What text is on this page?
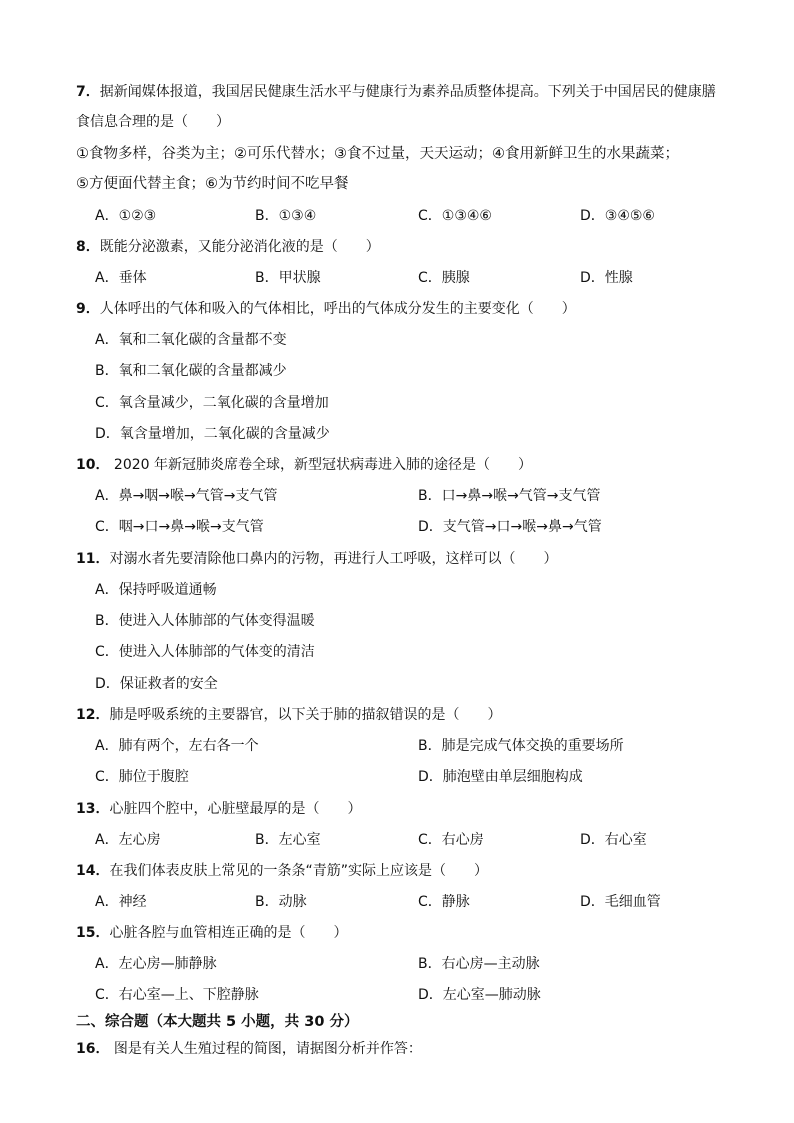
7．据新闻媒体报道，我国居民健康生活水平与健康行为素养品质整体提高。下列关于中国居民的健康膳
食信息合理的是（　　）
①食物多样，谷类为主；②可乐代替水；③食不过量，天天运动；④食用新鲜卫生的水果蔬菜；
⑤方便面代替主食；⑥为节约时间不吃早餐
A．①②③	B．①③④	C．①③④⑥	D．③④⑤⑥
8．既能分泌激素，又能分泌消化液的是（　　）
A．垂体	B．甲状腺	C．胰腺	D．性腺
9．人体呼出的气体和吸入的气体相比，呼出的气体成分发生的主要变化（　　）
A．氧和二氧化碳的含量都不变
B．氧和二氧化碳的含量都减少
C．氧含量减少，二氧化碳的含量增加
D．氧含量增加，二氧化碳的含量减少
10． 2020 年新冠肺炎席卷全球，新型冠状病毒进入肺的途径是（　　）
A．鼻→咽→喉→气管→支气管	B．口→鼻→喉→气管→支气管
C．咽→口→鼻→喉→支气管	D．支气管→口→喉→鼻→气管
11．对溺水者先要清除他口鼻内的污物，再进行人工呼吸，这样可以（　　）
A．保持呼吸道通畅
B．使进入人体肺部的气体变得温暖
C．使进入人体肺部的气体变的清洁
D．保证救者的安全
12．肺是呼吸系统的主要器官，以下关于肺的描叙错误的是（　　）
A．肺有两个，左右各一个	B．肺是完成气体交换的重要场所
C．肺位于腹腔	D．肺泡壁由单层细胞构成
13．心脏四个腔中，心脏壁最厚的是（　　）
A．左心房	B．左心室	C．右心房	D．右心室
14．在我们体表皮肤上常见的一条条“青筋”实际上应该是（　　）
A．神经	B．动脉	C．静脉	D．毛细血管
15．心脏各腔与血管相连正确的是（　　）
A．左心房—肺静脉	B．右心房—主动脉
C．右心室—上、下腔静脉	D．左心室—肺动脉
二、综合题（本大题共 5 小题，共 30 分）
16． 图是有关人生殖过程的简图，请据图分析并作答：
